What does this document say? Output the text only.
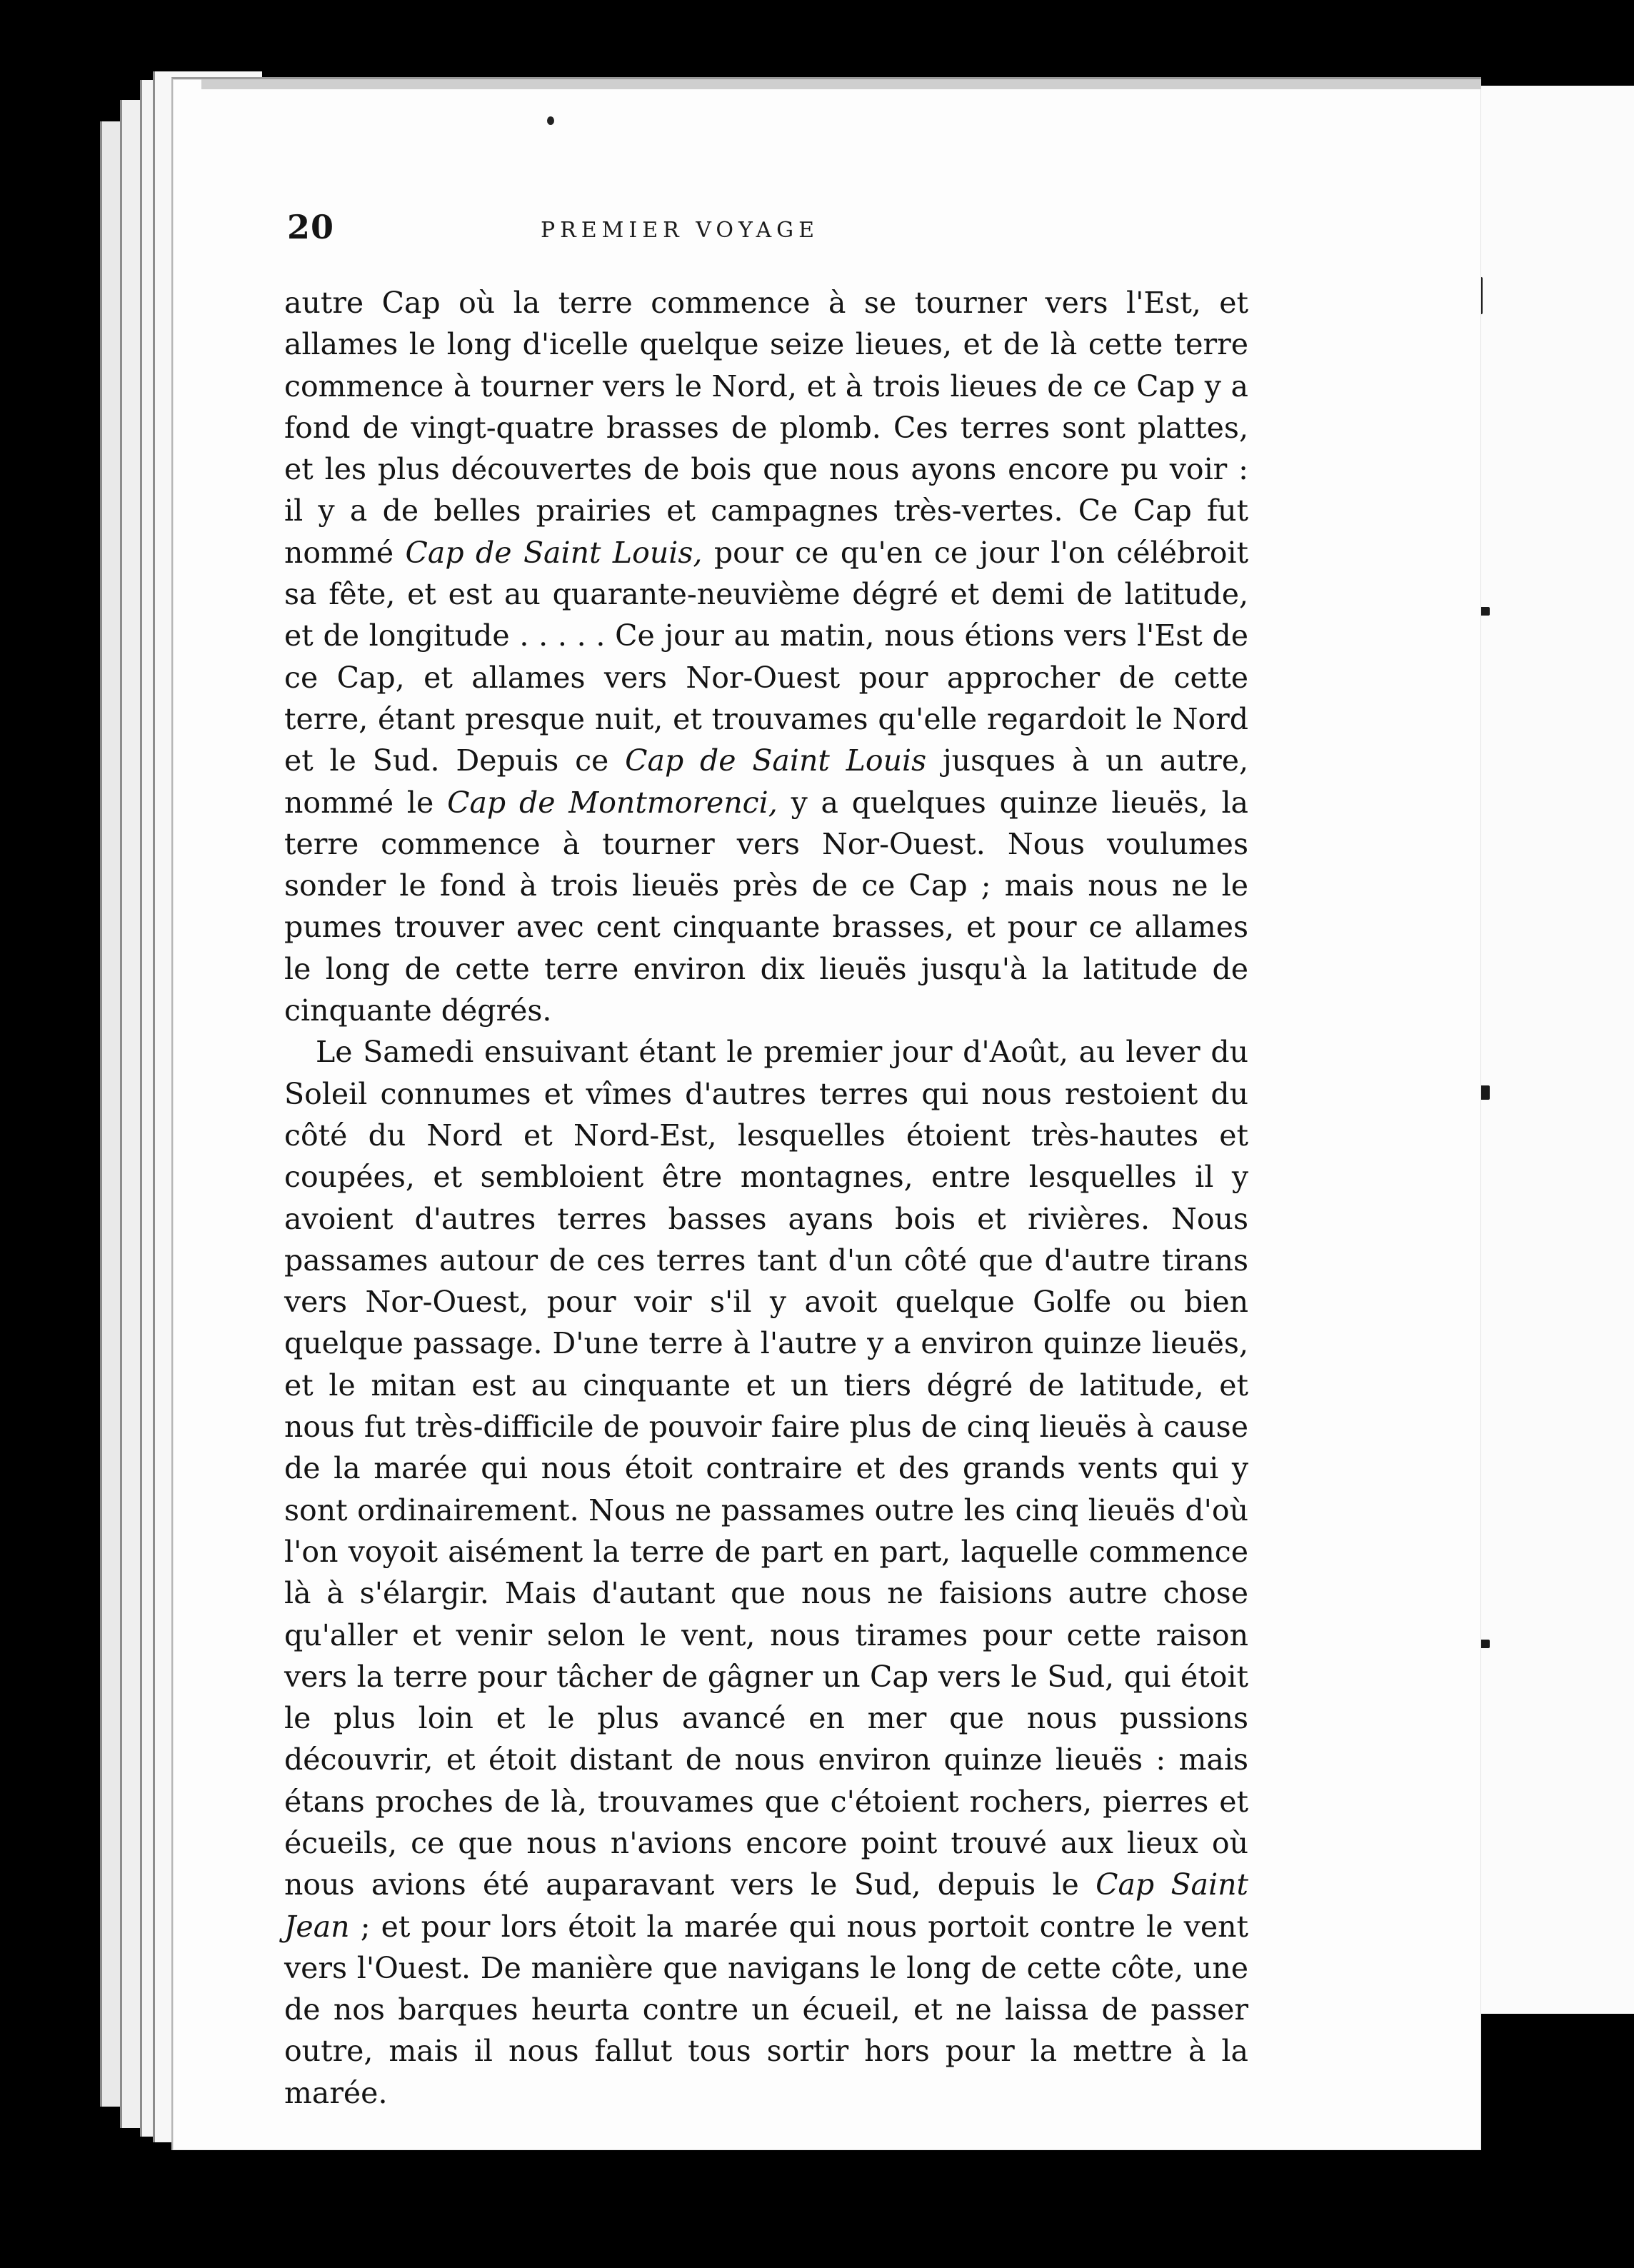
20	PREMIER VOYAGE

autre Cap où la terre commence à se tourner vers l'Est, et allames le long d'icelle quelque seize lieues, et de là cette terre commence à tourner vers le Nord, et à trois lieues de ce Cap y a fond de vingt-quatre brasses de plomb. Ces terres sont plattes, et les plus découvertes de bois que nous ayons encore pu voir : il y a de belles prairies et campagnes très-vertes. Ce Cap fut nommé Cap de Saint Louis, pour ce qu'en ce jour l'on célébroit sa fête, et est au quarante-neuvième dégré et demi de latitude, et de longitude . . . . . Ce jour au matin, nous étions vers l'Est de ce Cap, et allames vers Nor-Ouest pour approcher de cette terre, étant presque nuit, et trouvames qu'elle regardoit le Nord et le Sud. Depuis ce Cap de Saint Louis jusques à un autre, nommé le Cap de Montmorenci, y a quelques quinze lieuës, la terre commence à tourner vers Nor-Ouest. Nous voulumes sonder le fond à trois lieuës près de ce Cap ; mais nous ne le pumes trouver avec cent cinquante brasses, et pour ce allames le long de cette terre environ dix lieuës jusqu'à la latitude de cinquante dégrés.

Le Samedi ensuivant étant le premier jour d'Août, au lever du Soleil connumes et vîmes d'autres terres qui nous restoient du côté du Nord et Nord-Est, lesquelles étoient très-hautes et coupées, et sembloient être montagnes, entre lesquelles il y avoient d'autres terres basses ayans bois et rivières. Nous passames autour de ces terres tant d'un côté que d'autre tirans vers Nor-Ouest, pour voir s'il y avoit quelque Golfe ou bien quelque passage. D'une terre à l'autre y a environ quinze lieuës, et le mitan est au cinquante et un tiers dégré de latitude, et nous fut très-difficile de pouvoir faire plus de cinq lieuës à cause de la marée qui nous étoit contraire et des grands vents qui y sont ordinairement. Nous ne passames outre les cinq lieuës d'où l'on voyoit aisément la terre de part en part, laquelle commence là à s'élargir. Mais d'autant que nous ne faisions autre chose qu'aller et venir selon le vent, nous tirames pour cette raison vers la terre pour tâcher de gâgner un Cap vers le Sud, qui étoit le plus loin et le plus avancé en mer que nous pussions découvrir, et étoit distant de nous environ quinze lieuës : mais étans proches de là, trouvames que c'étoient rochers, pierres et écueils, ce que nous n'avions encore point trouvé aux lieux où nous avions été auparavant vers le Sud, depuis le Cap Saint Jean ; et pour lors étoit la marée qui nous portoit contre le vent vers l'Ouest. De manière que navigans le long de cette côte, une de nos barques heurta contre un écueil, et ne laissa de passer outre, mais il nous fallut tous sortir hors pour la mettre à la marée.
